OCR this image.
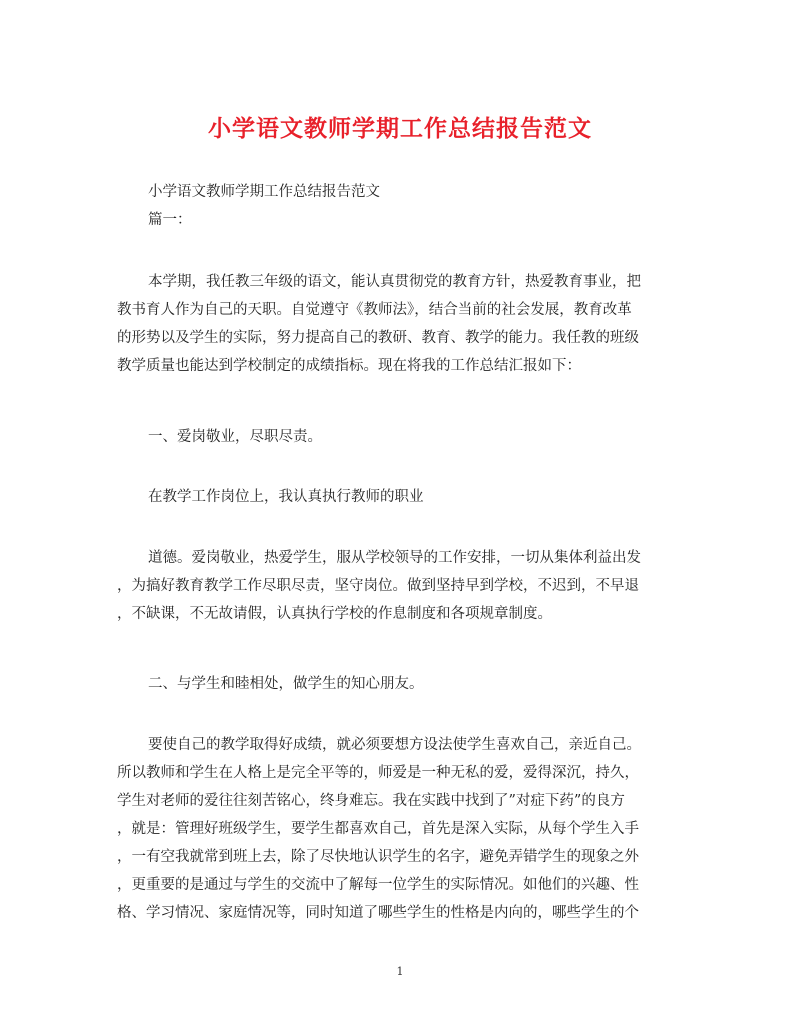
小学语文教师学期工作总结报告范文
小学语文教师学期工作总结报告范文
篇一：
本学期，我任教三年级的语文，能认真贯彻党的教育方针，热爱教育事业，把
教书育人作为自己的天职。自觉遵守《教师法》，结合当前的社会发展，教育改革
的形势以及学生的实际，努力提高自己的教研、教育、教学的能力。我任教的班级
教学质量也能达到学校制定的成绩指标。现在将我的工作总结汇报如下：
一、爱岗敬业，尽职尽责。
在教学工作岗位上，我认真执行教师的职业
道德。爱岗敬业，热爱学生，服从学校领导的工作安排，一切从集体利益出发
，为搞好教育教学工作尽职尽责，坚守岗位。做到坚持早到学校，不迟到，不早退
，不缺课，不无故请假，认真执行学校的作息制度和各项规章制度。
二、与学生和睦相处，做学生的知心朋友。
要使自己的教学取得好成绩，就必须要想方设法使学生喜欢自己，亲近自己。
所以教师和学生在人格上是完全平等的，师爱是一种无私的爱，爱得深沉，持久，
学生对老师的爱往往刻苦铭心，终身难忘。我在实践中找到了”对症下药”的良方
，就是：管理好班级学生，要学生都喜欢自己，首先是深入实际，从每个学生入手
，一有空我就常到班上去，除了尽快地认识学生的名字，避免弄错学生的现象之外
，更重要的是通过与学生的交流中了解每一位学生的实际情况。如他们的兴趣、性
格、学习情况、家庭情况等，同时知道了哪些学生的性格是内向的，哪些学生的个
1
